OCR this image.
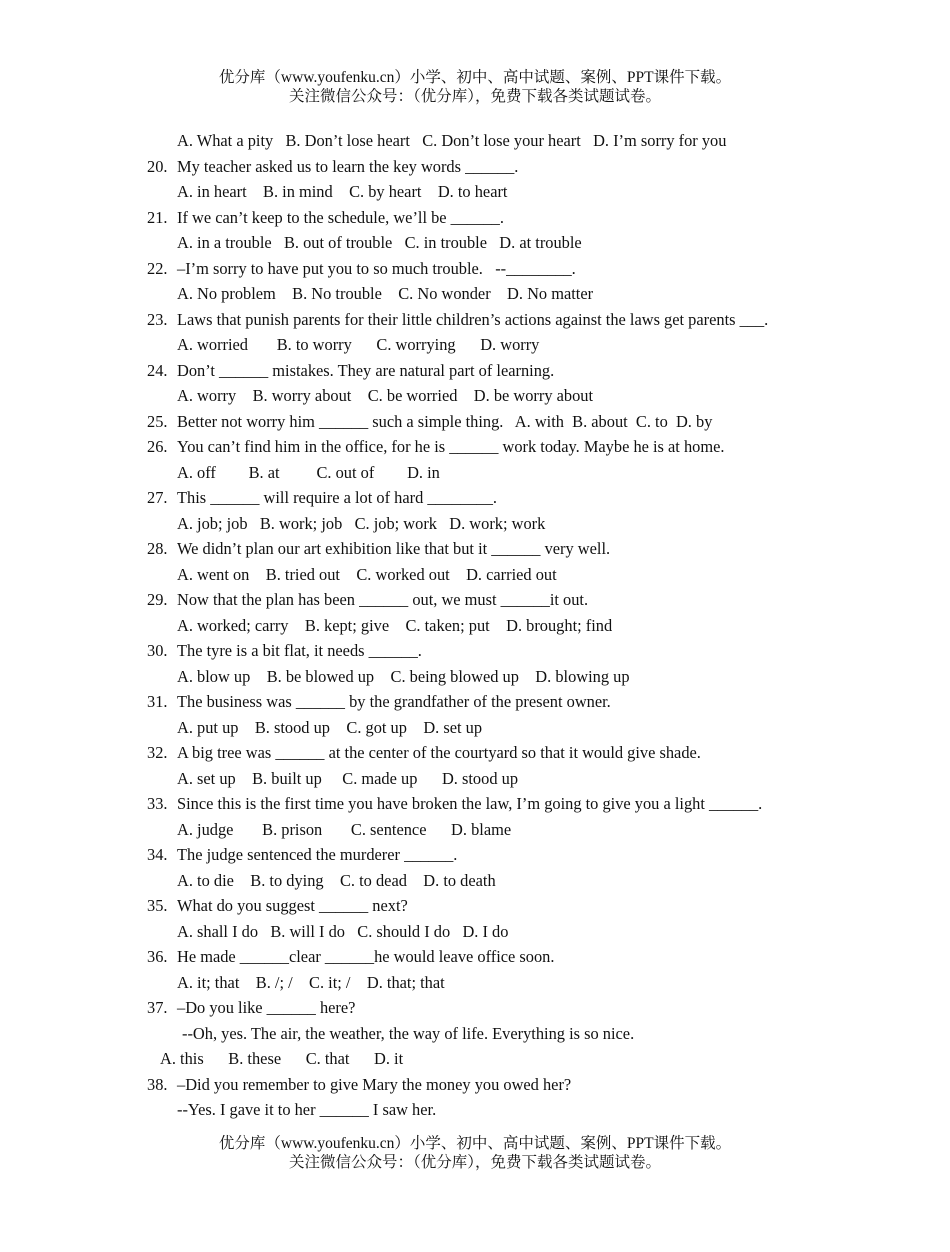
优分库（www.youfenku.cn）小学、初中、高中试题、案例、PPT课件下载。
关注微信公众号：（优分库），免费下载各类试题试卷。
A. What a pity   B. Don’t lose heart   C. Don’t lose your heart   D. I’m sorry for you
20. My teacher asked us to learn the key words ______.
A. in heart    B. in mind    C. by heart    D. to heart
21. If we can’t keep to the schedule, we’ll be ______.
A. in a trouble   B. out of trouble   C. in trouble   D. at trouble
22. –I’m sorry to have put you to so much trouble.   --________.
A. No problem    B. No trouble    C. No wonder    D. No matter
23. Laws that punish parents for their little children’s actions against the laws get parents ___.
A. worried       B. to worry      C. worrying      D. worry
24. Don’t ______ mistakes. They are natural part of learning.
A. worry    B. worry about    C. be worried    D. be worry about
25. Better not worry him ______ such a simple thing.   A. with  B. about  C. to  D. by
26. You can’t find him in the office, for he is ______ work today. Maybe he is at home.
A. off        B. at         C. out of        D. in
27. This ______ will require a lot of hard ________.
A. job; job   B. work; job   C. job; work   D. work; work
28. We didn’t plan our art exhibition like that but it ______ very well.
A. went on    B. tried out    C. worked out    D. carried out
29. Now that the plan has been ______ out, we must ______it out.
A. worked; carry    B. kept; give    C. taken; put    D. brought; find
30. The tyre is a bit flat, it needs ______.
A. blow up    B. be blowed up    C. being blowed up    D. blowing up
31. The business was ______ by the grandfather of the present owner.
A. put up    B. stood up    C. got up    D. set up
32. A big tree was ______ at the center of the courtyard so that it would give shade.
A. set up    B. built up     C. made up      D. stood up
33. Since this is the first time you have broken the law, I’m going to give you a light ______.
A. judge       B. prison       C. sentence      D. blame
34. The judge sentenced the murderer ______.
A. to die    B. to dying    C. to dead    D. to death
35. What do you suggest ______ next?
A. shall I do   B. will I do   C. should I do   D. I do
36. He made ______clear ______he would leave office soon.
A. it; that    B. /; /    C. it; /    D. that; that
37. –Do you like ______ here?
--Oh, yes. The air, the weather, the way of life. Everything is so nice.
A. this      B. these      C. that      D. it
38. –Did you remember to give Mary the money you owed her?
--Yes. I gave it to her ______ I saw her.
优分库（www.youfenku.cn）小学、初中、高中试题、案例、PPT课件下载。
关注微信公众号：（优分库），免费下载各类试题试卷。
